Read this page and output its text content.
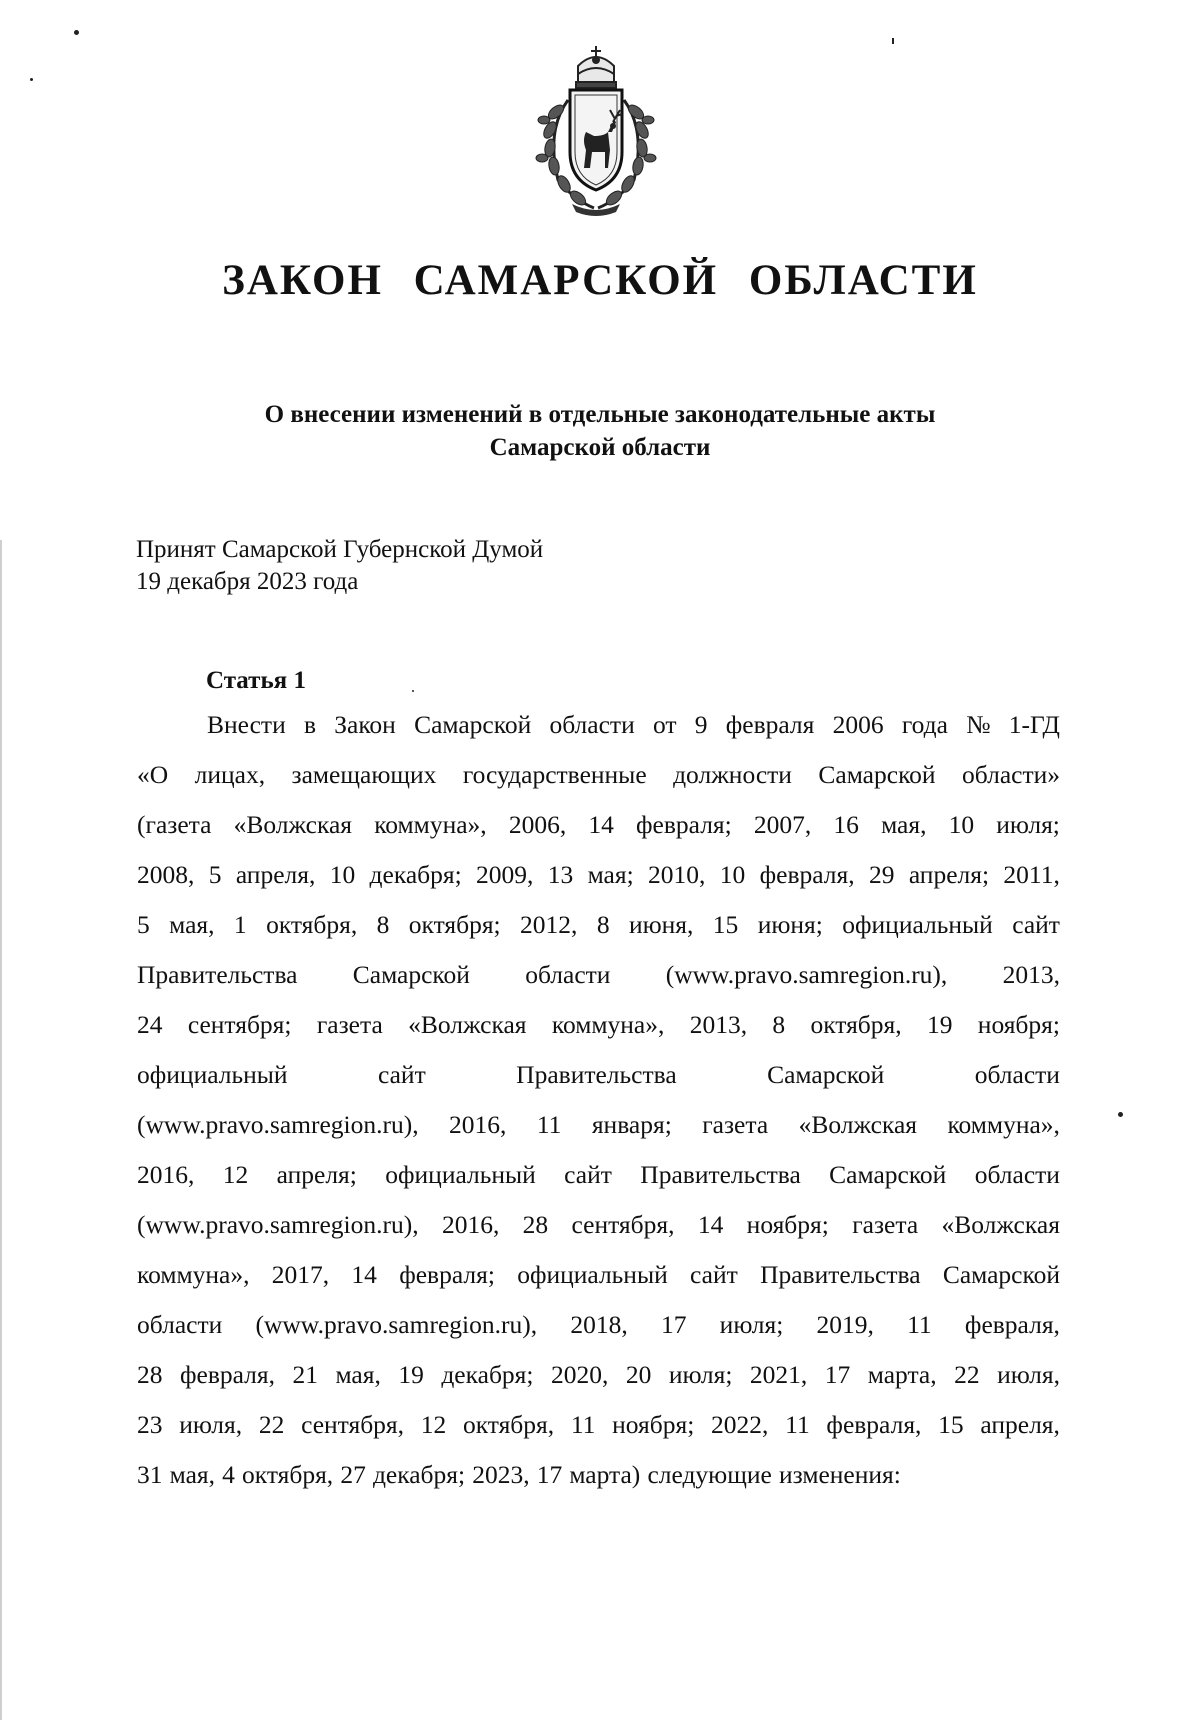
ЗАКОН САМАРСКОЙ ОБЛАСТИ
О внесении изменений в отдельные законодательные акты
Самарской области
Принят Самарской Губернской Думой
19 декабря 2023 года
Статья 1
Внести в Закон Самарской области от 9 февраля 2006 года № 1-ГД
«О лицах, замещающих государственные должности Самарской области»
(газета «Волжская коммуна», 2006, 14 февраля; 2007, 16 мая, 10 июля;
2008, 5 апреля, 10 декабря; 2009, 13 мая; 2010, 10 февраля, 29 апреля; 2011,
5 мая, 1 октября, 8 октября; 2012, 8 июня, 15 июня; официальный сайт
Правительства Самарской области (www.pravo.samregion.ru), 2013,
24 сентября; газета «Волжская коммуна», 2013, 8 октября, 19 ноября;
официальный	сайт	Правительства	Самарской	области
(www.pravo.samregion.ru), 2016, 11 января; газета «Волжская коммуна»,
2016, 12 апреля; официальный сайт Правительства Самарской области
(www.pravo.samregion.ru), 2016, 28 сентября, 14 ноября; газета «Волжская
коммуна», 2017, 14 февраля; официальный сайт Правительства Самарской
области (www.pravo.samregion.ru), 2018, 17 июля; 2019, 11 февраля,
28 февраля, 21 мая, 19 декабря; 2020, 20 июля; 2021, 17 марта, 22 июля,
23 июля, 22 сентября, 12 октября, 11 ноября; 2022, 11 февраля, 15 апреля,
31 мая, 4 октября, 27 декабря; 2023, 17 марта) следующие изменения:
